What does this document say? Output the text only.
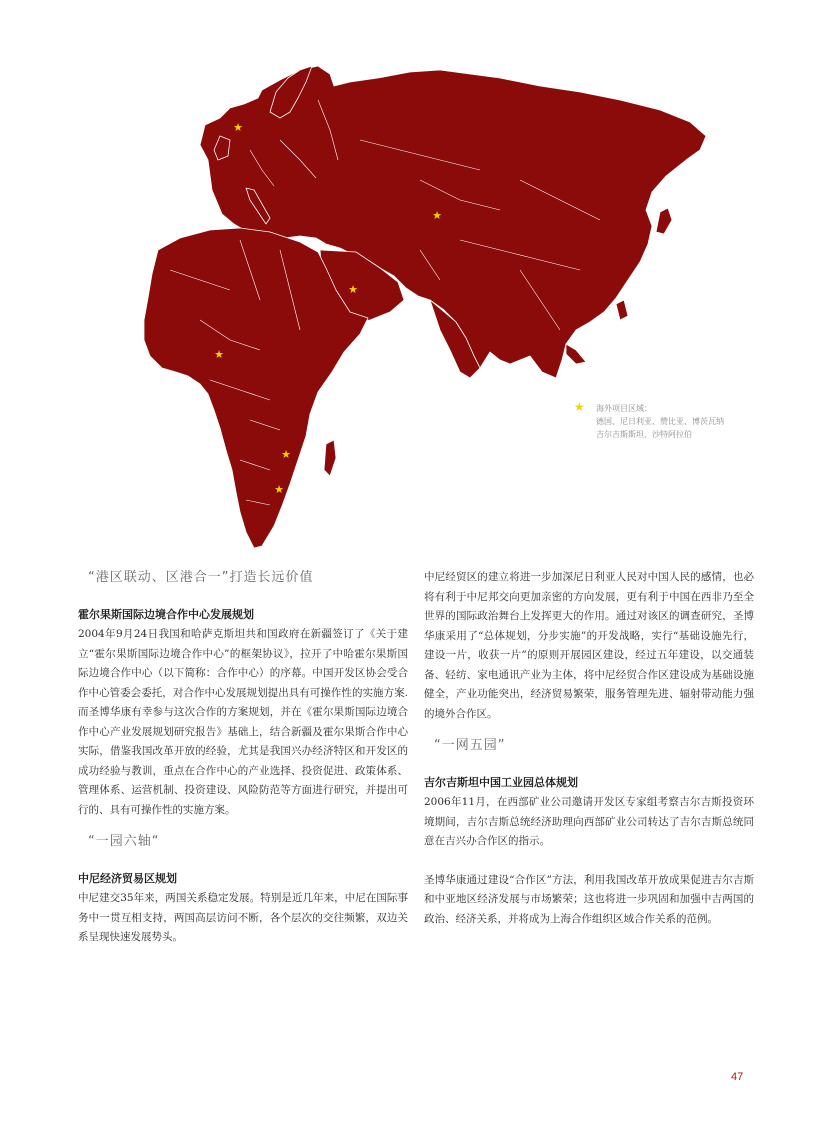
★
★
★
★
★
★
★ 海外项目区域：
德国、尼日利亚、赞比亚、博茨瓦纳
吉尔吉斯斯坦、沙特阿拉伯

“港区联动、区港合一”打造长远价值

霍尔果斯国际边境合作中心发展规划

2004年9月24日我国和哈萨克斯坦共和国政府在新疆签订了《关于建立“霍尔果斯国际边境合作中心”的框架协议》，拉开了中哈霍尔果斯国际边境合作中心（以下简称：合作中心）的序幕。中国开发区协会受合作中心管委会委托，对合作中心发展规划提出具有可操作性的实施方案.而圣博华康有幸参与这次合作的方案规划，并在《霍尔果斯国际边境合作中心产业发展规划研究报告》基础上，结合新疆及霍尔果斯合作中心实际，借鉴我国改革开放的经验，尤其是我国兴办经济特区和开发区的成功经验与教训，重点在合作中心的产业选择、投资促进、政策体系、管理体系、运营机制、投资建设、风险防范等方面进行研究，并提出可行的、具有可操作性的实施方案。

“一园六轴“

中尼经济贸易区规划

中尼建交35年来，两国关系稳定发展。特别是近几年来，中尼在国际事务中一贯互相支持，两国高层访问不断，各个层次的交往频繁，双边关系呈现快速发展势头。

中尼经贸区的建立将进一步加深尼日利亚人民对中国人民的感情，也必将有利于中尼邦交向更加亲密的方向发展，更有利于中国在西非乃至全世界的国际政治舞台上发挥更大的作用。通过对该区的调查研究，圣博华康采用了“总体规划，分步实施”的开发战略，实行“基础设施先行，建设一片，收获一片”的原则开展园区建设，经过五年建设，以交通装备、轻纺、家电通讯产业为主体，将中尼经贸合作区建设成为基础设施健全，产业功能突出，经济贸易繁荣，服务管理先进、辐射带动能力强的境外合作区。

“一网五园”

吉尔吉斯坦中国工业园总体规划

2006年11月，在西部矿业公司邀请开发区专家组考察吉尔吉斯投资环境期间，吉尔吉斯总统经济助理向西部矿业公司转达了吉尔吉斯总统同意在吉兴办合作区的指示。

圣博华康通过建设“合作区”方法，利用我国改革开放成果促进吉尔吉斯和中亚地区经济发展与市场繁荣；这也将进一步巩固和加强中吉两国的政治、经济关系，并将成为上海合作组织区域合作关系的范例。

47
